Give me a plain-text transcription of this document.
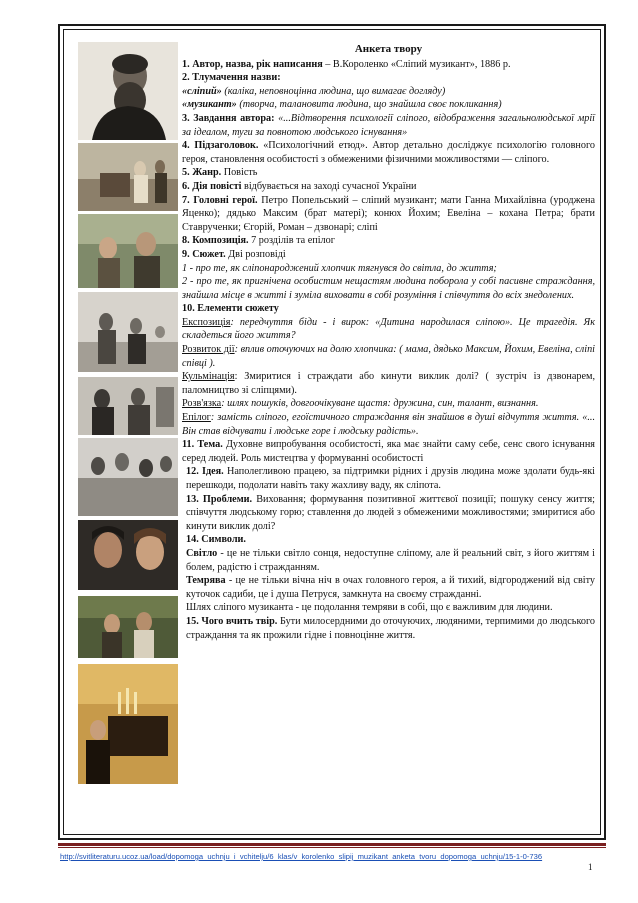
Анкета твору

1. Автор, назва, рік написання – В.Короленко «Сліпий музикант», 1886 р.

2. Тлумачення назви:

«сліпий» (каліка, неповноцінна людина, що вимагає догляду)

«музикант» (творча, талановита людина, що знайшла своє покликання)

3. Завдання автора: «...Відтворення психології сліпого, відображення загальнолюдської мрії за ідеалом, туги за повнотою людського існування»

4. Підзаголовок. «Психологічний етюд». Автор детально досліджує психологію головного героя, становлення особистості з обмеженими фізичними можливостями — сліпого.

5. Жанр. Повість

6. Дія повісті відбувається на заході сучасної України

7. Головні герої. Петро Попельський – сліпий музикант; мати Ганна Михайлівна (уроджена Яценко); дядько Максим (брат матері); конюх Йохим; Евеліна – кохана Петра; брати Ставрученки; Єгорій, Роман – дзвонарі; сліпі

8. Композиція. 7 розділів та епілог

9. Сюжет. Дві розповіді

1 - про те, як сліпонароджений хлопчик тягнувся до світла, до життя;

2 - про те, як пригнічена особистим нещастям людина поборола у собі пасивне страждання, знайшла місце в житті і зуміла виховати в собі розуміння і співчуття до всіх знедолених.

10. Елементи сюжету

Експозиція: передчуття біди - і вирок: «Дитина народилася сліпою». Це трагедія. Як складеться його життя?

Розвиток дії: вплив оточуючих на долю хлопчика: ( мама, дядько Максим, Йохим, Евеліна, сліпі співці ).

Кульмінація: Змиритися і страждати або кинути виклик долі? ( зустріч із дзвонарем, паломництво зі сліпцями).

Розв'язка: шлях пошуків, довгоочікуване щастя: дружина, син, талант, визнання.

Епілог: замість сліпого, егоїстичного страждання він знайшов в душі відчуття життя. «... Він став відчувати і людське горе і людську радість».

11. Тема. Духовне випробування особистості, яка має знайти саму себе, сенс свого існування серед людей. Роль мистецтва у формуванні особистості

12. Ідея. Наполегливою працею, за підтримки рідних і друзів людина може здолати будь-які перешкоди, подолати навіть таку жахливу ваду, як сліпота.

13. Проблеми. Виховання; формування позитивної життєвої позиції; пошуку сенсу життя; співчуття людському горю; ставлення до людей з обмеженими можливостями; змиритися або кинути виклик долі?

14. Символи.

Світло - це не тільки світло сонця, недоступне сліпому, але й реальний світ, з його життям і болем, радістю і стражданням.

Темрява - це не тільки вічна ніч в очах головного героя, а й тихий, відгороджений від світу куточок садиби, це і душа Петруся, замкнута на своєму стражданні.

Шлях сліпого музиканта - це подолання темряви в собі, що є важливим для людини.

15. Чого вчить твір. Бути милосердними до оточуючих, людяними, терпимими до людського страждання та як прожили гідне і повноцінне життя.

http://svitliteraturu.ucoz.ua/load/dopomoga_uchnju_i_vchitelju/6_klas/v_korolenko_slipij_muzikant_anketa_tvoru_dopomoga_uchnju/15-1-0-736
1
